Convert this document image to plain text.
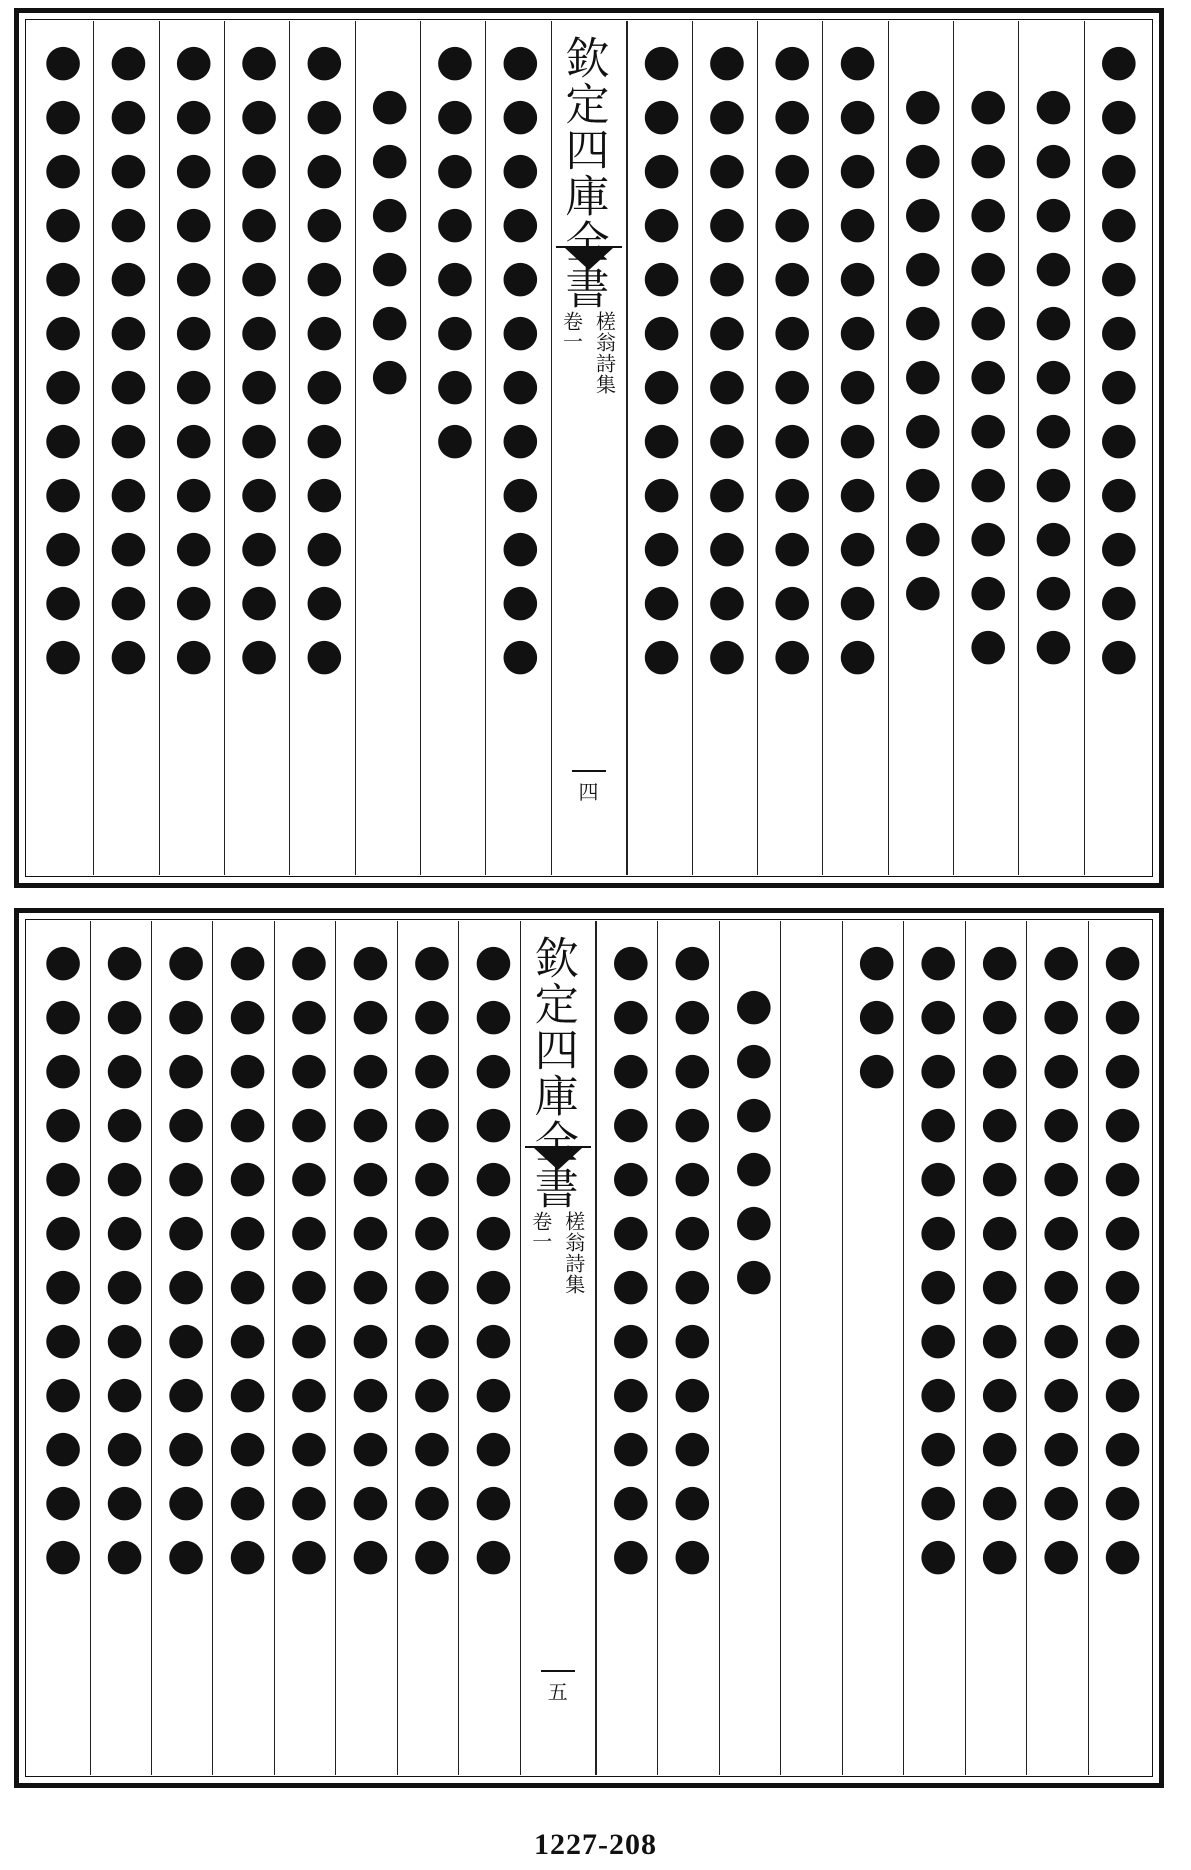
●●●●●●●●●●●●
●●●●●●●●●●●
●●●●●●●●●●●
●●●●●●●●●●
●●●●●●●●●●●●
●●●●●●●●●●●●
●●●●●●●●●●●●
●●●●●●●●●●●●
欽定四庫全書
槎翁詩集
卷一
四
●●●●●●●●●●●●
●●●●●●●●
●●●●●●
●●●●●●●●●●●●
●●●●●●●●●●●●
●●●●●●●●●●●●
●●●●●●●●●●●●
●●●●●●●●●●●●
●●●●●●●●●●●●
●●●●●●●●●●●●
●●●●●●●●●●●●
●●●●●●●●●●●●
●●●
●●●●●●
●●●●●●●●●●●●
●●●●●●●●●●●●
欽定四庫全書
槎翁詩集
卷一
五
●●●●●●●●●●●●
●●●●●●●●●●●●
●●●●●●●●●●●●
●●●●●●●●●●●●
●●●●●●●●●●●●
●●●●●●●●●●●●
●●●●●●●●●●●●
●●●●●●●●●●●●
1227-208
